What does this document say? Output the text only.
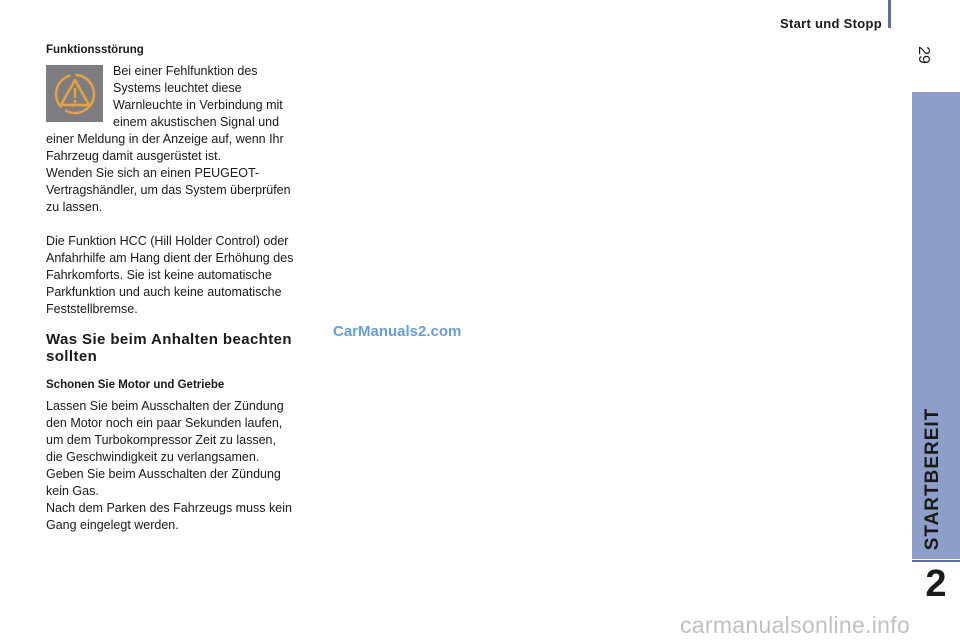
Start und Stopp
29
STARTBEREIT
2
Funktionsstörung

Bei einer Fehlfunktion des

Systems leuchtet diese

Warnleuchte in Verbindung mit

einem akustischen Signal und

einer Meldung in der Anzeige auf, wenn Ihr

Fahrzeug damit ausgerüstet ist.

Wenden Sie sich an einen PEUGEOT-

Vertragshändler, um das System überprüfen

zu lassen.

Die Funktion HCC (Hill Holder Control) oder

Anfahrhilfe am Hang dient der Erhöhung des

Fahrkomforts. Sie ist keine automatische

Parkfunktion und auch keine automatische

Feststellbremse.

Was Sie beim Anhalten beachten
sollten
Schonen Sie Motor und Getriebe

Lassen Sie beim Ausschalten der Zündung

den Motor noch ein paar Sekunden laufen,

um dem Turbokompressor Zeit zu lassen,

die Geschwindigkeit zu verlangsamen.

Geben Sie beim Ausschalten der Zündung

kein Gas.

Nach dem Parken des Fahrzeugs muss kein

Gang eingelegt werden.

CarManuals2.com
carmanualsonline.info
